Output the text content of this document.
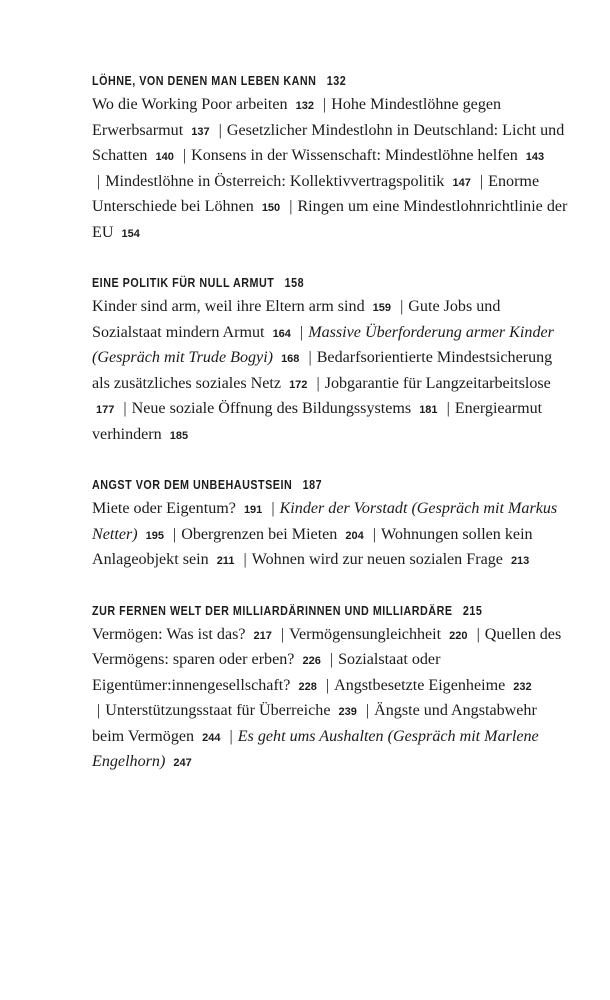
LÖHNE, VON DENEN MAN LEBEN KANN 132

Wo die Working Poor arbeiten 132 | Hohe Mindestlöhne gegen Erwerbsarmut 137 | Gesetzlicher Mindestlohn in Deutschland: Licht und Schatten 140 | Konsens in der Wissenschaft: Mindestlöhne helfen 143 | Mindestlöhne in Österreich: Kollektivvertragspolitik 147 | Enorme Unterschiede bei Löhnen 150 | Ringen um eine Mindestlohnrichtlinie der EU 154

EINE POLITIK FÜR NULL ARMUT 158

Kinder sind arm, weil ihre Eltern arm sind 159 | Gute Jobs und Sozialstaat mindern Armut 164 | Massive Überforderung armer Kinder (Gespräch mit Trude Bogyi) 168 | Bedarfsorientierte Mindestsicherung als zusätzliches soziales Netz 172 | Jobgarantie für Langzeitarbeitslose 177 | Neue soziale Öffnung des Bildungssystems 181 | Energiearmut verhindern 185

ANGST VOR DEM UNBEHAUSTSEIN 187

Miete oder Eigentum? 191 | Kinder der Vorstadt (Gespräch mit Markus Netter) 195 | Obergrenzen bei Mieten 204 | Wohnungen sollen kein Anlageobjekt sein 211 | Wohnen wird zur neuen sozialen Frage 213

ZUR FERNEN WELT DER MILLIARDÄRINNEN UND MILLIARDÄRE 215

Vermögen: Was ist das? 217 | Vermögensungleichheit 220 | Quellen des Vermögens: sparen oder erben? 226 | Sozialstaat oder Eigentümer:innengesellschaft? 228 | Angstbesetzte Eigenheime 232 | Unterstützungsstaat für Überreiche 239 | Ängste und Angstabwehr beim Vermögen 244 | Es geht ums Aushalten (Gespräch mit Marlene Engelhorn) 247
